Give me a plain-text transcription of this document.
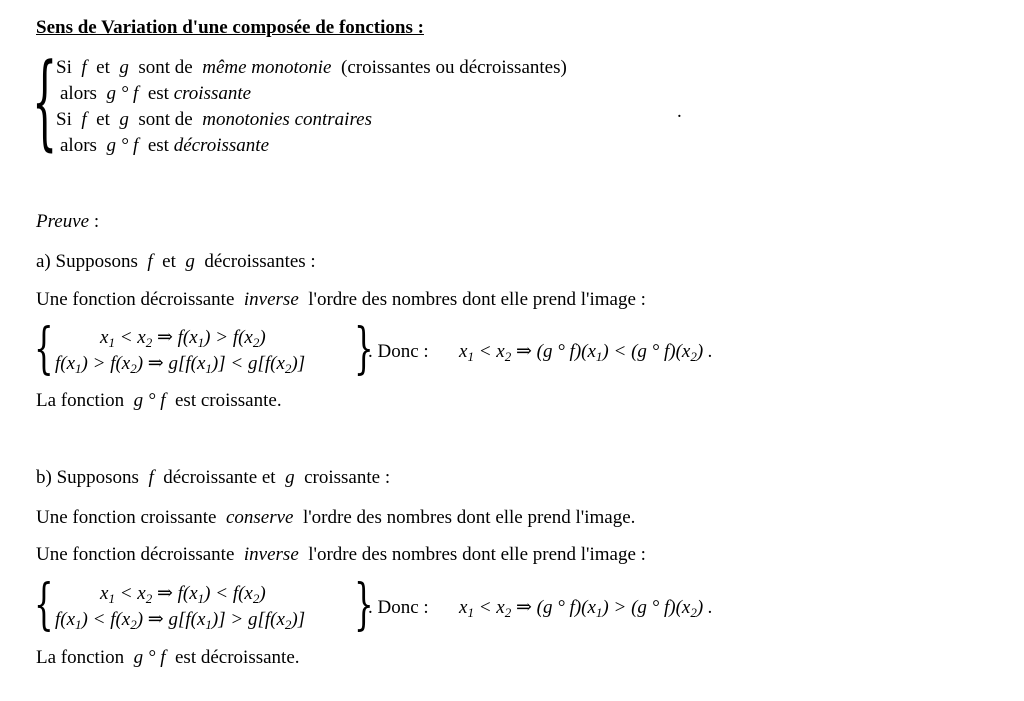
Sens de Variation d'une composée de fonctions :
{
Si f et g sont de même monotonie (croissantes ou décroissantes)
alors g ° f est croissante
Si f et g sont de monotonies contraires
alors g ° f est décroissante
.
Preuve :
a) Supposons f et g décroissantes :
Une fonction décroissante inverse l'ordre des nombres dont elle prend l'image :
{ $x_1 < x_2$ ⇒ $f(x_1) > f(x_2)$
$f(x_1) > f(x_2)$ ⇒ $g[f(x_1)] < g[f(x_2)]$ }
. Donc : $x_1 < x_2$ ⇒ (g ° $f)(x_1) < (g$ ° $f)(x_2)$ .
La fonction g ° f est croissante.
b) Supposons f décroissante et g croissante :
Une fonction croissante conserve l'ordre des nombres dont elle prend l'image.
Une fonction décroissante inverse l'ordre des nombres dont elle prend l'image :
{ $x_1 < x_2$ ⇒ $f(x_1) < f(x_2)$
$f(x_1) < f(x_2)$ ⇒ $g[f(x_1)] > g[f(x_2)]$ }
. Donc : $x_1 < x_2$ ⇒ (g ° $f)(x_1) > (g$ ° $f)(x_2)$ .
La fonction g ° f est décroissante.
